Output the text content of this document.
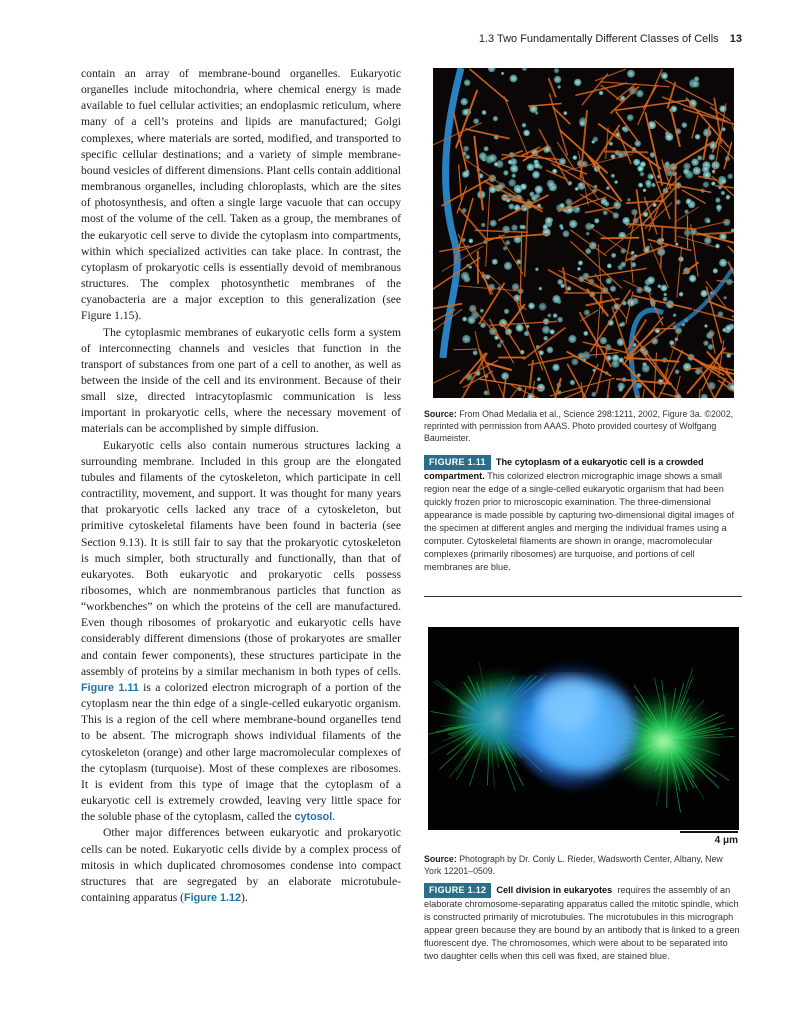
1.3 Two Fundamentally Different Classes of Cells 13

contain an array of membrane-bound organelles. Eukaryotic organelles include mitochondria, where chemical energy is made available to fuel cellular activities; an endoplasmic reticulum, where many of a cell’s proteins and lipids are manufactured; Golgi complexes, where materials are sorted, modified, and transported to specific cellular destinations; and a variety of simple membrane-bound vesicles of different dimensions. Plant cells contain additional membranous organelles, including chloroplasts, which are the sites of photosynthesis, and often a single large vacuole that can occupy most of the volume of the cell. Taken as a group, the membranes of the eukaryotic cell serve to divide the cytoplasm into compartments, within which specialized activities can take place. In contrast, the cytoplasm of prokaryotic cells is essentially devoid of membranous structures. The complex photosynthetic membranes of the cyanobacteria are a major exception to this generalization (see Figure 1.15).

The cytoplasmic membranes of eukaryotic cells form a system of interconnecting channels and vesicles that function in the transport of substances from one part of a cell to another, as well as between the inside of the cell and its environment. Because of their small size, directed intracytoplasmic communication is less important in prokaryotic cells, where the necessary movement of materials can be accomplished by simple diffusion.

Eukaryotic cells also contain numerous structures lacking a surrounding membrane. Included in this group are the elongated tubules and filaments of the cytoskeleton, which participate in cell contractility, movement, and support. It was thought for many years that prokaryotic cells lacked any trace of a cytoskeleton, but primitive cytoskeletal filaments have been found in bacteria (see Section 9.13). It is still fair to say that the prokaryotic cytoskeleton is much simpler, both structurally and functionally, than that of eukaryotes. Both eukaryotic and prokaryotic cells possess ribosomes, which are nonmembranous particles that function as “workbenches” on which the proteins of the cell are manufactured. Even though ribosomes of prokaryotic and eukaryotic cells have considerably different dimensions (those of prokaryotes are smaller and contain fewer components), these structures participate in the assembly of proteins by a similar mechanism in both types of cells. Figure 1.11 is a colorized electron micrograph of a portion of the cytoplasm near the thin edge of a single-celled eukaryotic organism. This is a region of the cell where membrane-bound organelles tend to be absent. The micrograph shows individual filaments of the cytoskeleton (orange) and other large macromolecular complexes of the cytoplasm (turquoise). Most of these complexes are ribosomes. It is evident from this type of image that the cytoplasm of a eukaryotic cell is extremely crowded, leaving very little space for the soluble phase of the cytoplasm, called the cytosol.

Other major differences between eukaryotic and prokaryotic cells can be noted. Eukaryotic cells divide by a complex process of mitosis in which duplicated chromosomes condense into compact structures that are segregated by an elaborate microtubule-containing apparatus (Figure 1.12).

Source: From Ohad Medalia et al., Science 298:1211, 2002, Figure 3a. ©2002, reprinted with permission from AAAS. Photo provided courtesy of Wolfgang Baumeister.
FIGURE 1.11 The cytoplasm of a eukaryotic cell is a crowded compartment. This colorized electron micrographic image shows a small region near the edge of a single-celled eukaryotic organism that had been quickly frozen prior to microscopic examination. The three-dimensional appearance is made possible by capturing two-dimensional digital images of the specimen at different angles and merging the individual frames using a computer. Cytoskeletal filaments are shown in orange, macromolecular complexes (primarily ribosomes) are turquoise, and portions of cell membranes are blue.
4 μm
Source: Photograph by Dr. Conly L. Rieder, Wadsworth Center, Albany, New York 12201–0509.
FIGURE 1.12 Cell division in eukaryotes requires the assembly of an elaborate chromosome-separating apparatus called the mitotic spindle, which is constructed primarily of microtubules. The microtubules in this micrograph appear green because they are bound by an antibody that is linked to a green fluorescent dye. The chromosomes, which were about to be separated into two daughter cells when this cell was fixed, are stained blue.
